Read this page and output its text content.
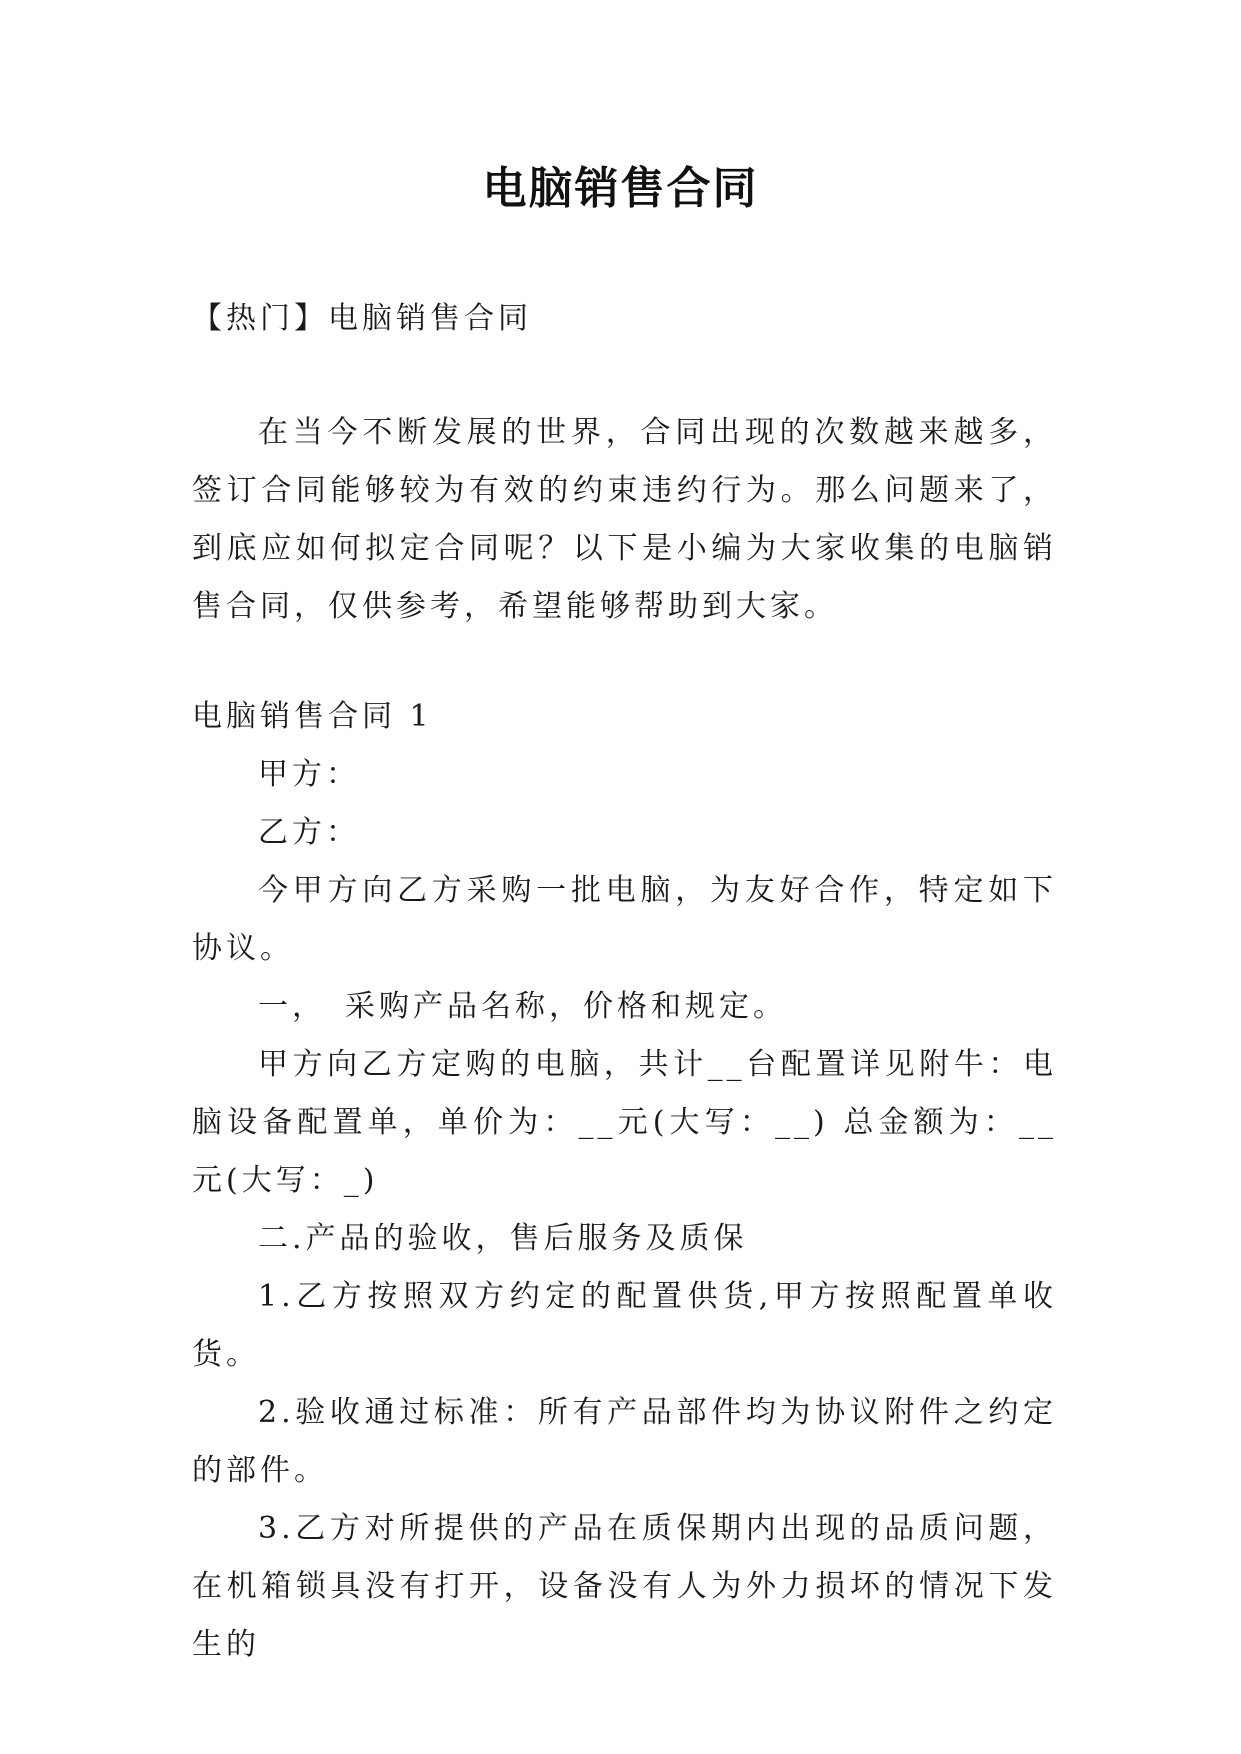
电脑销售合同

【热门】电脑销售合同

在当今不断发展的世界，合同出现的次数越来越多，签订合同能够较为有效的约束违约行为。那么问题来了，到底应如何拟定合同呢？以下是小编为大家收集的电脑销售合同，仅供参考，希望能够帮助到大家。

电脑销售合同 1

甲方：

乙方：

今甲方向乙方采购一批电脑，为友好合作，特定如下协议。

一，　采购产品名称，价格和规定。

甲方向乙方定购的电脑，共计__台配置详见附牛：电脑设备配置单，单价为：__元(大写：__) 总金额为：__元(大写：_)

二.产品的验收，售后服务及质保

1.乙方按照双方约定的配置供货,甲方按照配置单收货。

2.验收通过标准：所有产品部件均为协议附件之约定的部件。

3.乙方对所提供的产品在质保期内出现的品质问题，在机箱锁具没有打开，设备没有人为外力损坏的情况下发生的
